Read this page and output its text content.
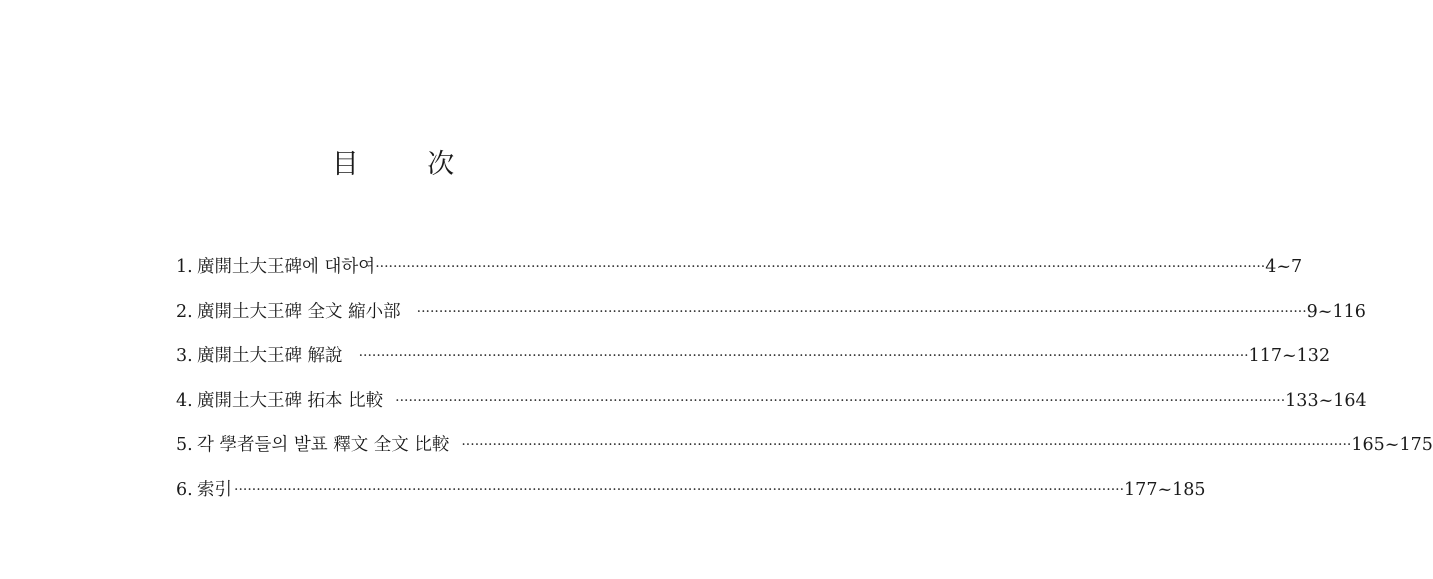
目 次
1. 廣開土大王碑에 대하여 ········································································································································································································ 4~7
2. 廣開土大王碑 全文 縮小部 ········································································································································································································ 9~116
3. 廣開土大王碑 解說 ········································································································································································································ 117~132
4. 廣開土大王碑 拓本 比較 ········································································································································································································ 133~164
5. 각 學者들의 발표 釋文 全文 比較 ········································································································································································································ 165~175
6. 索引 ········································································································································································································ 177~185
